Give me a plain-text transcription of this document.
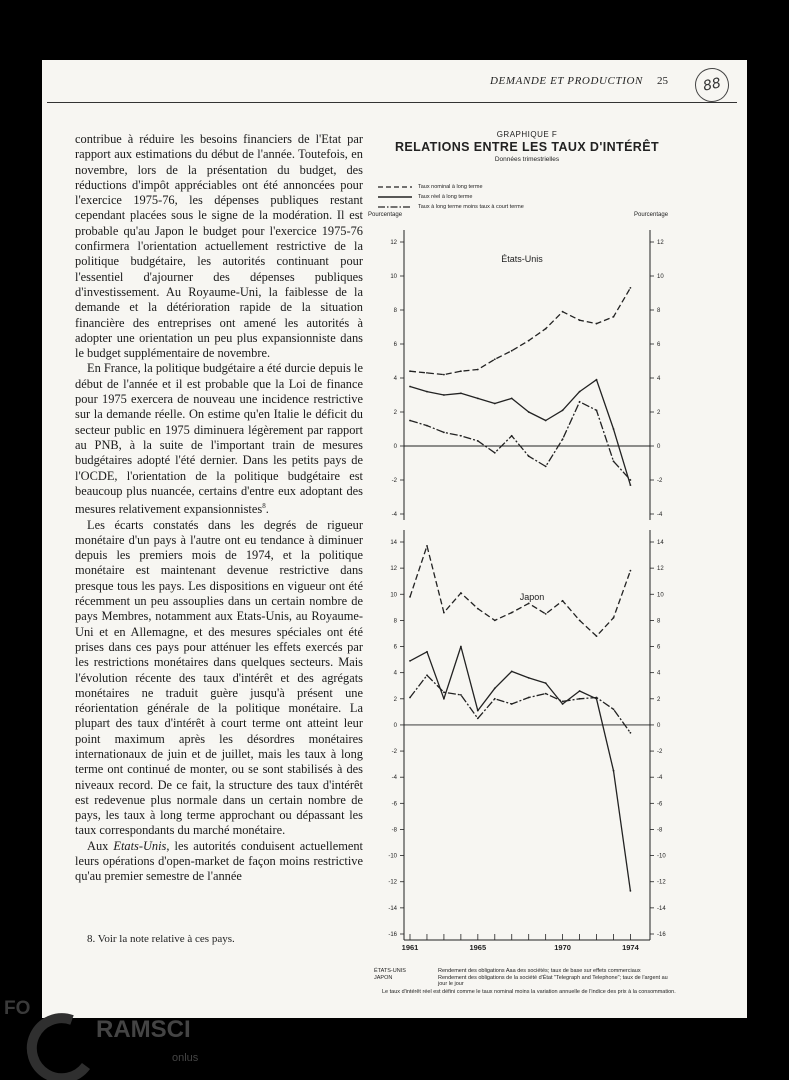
DEMANDE ET PRODUCTION 25	88

contribue à réduire les besoins financiers de l'Etat par rapport aux estimations du début de l'année. Toutefois, en novembre, lors de la présentation du budget, des réductions d'impôt appréciables ont été annoncées pour l'exercice 1975-76, les dépenses publiques restant cependant placées sous le signe de la modération. Il est probable qu'au Japon le budget pour l'exercice 1975-76 confirmera l'orientation actuellement restrictive de la politique budgétaire, les autorités continuant pour l'essentiel d'ajourner des dépenses publiques d'investissement. Au Royaume-Uni, la faiblesse de la demande et la détérioration rapide de la situation financière des entreprises ont amené les autorités à adopter une orientation un peu plus expansionniste dans le budget supplémentaire de novembre.

En France, la politique budgétaire a été durcie depuis le début de l'année et il est probable que la Loi de finance pour 1975 exercera de nouveau une incidence restrictive sur la demande réelle. On estime qu'en Italie le déficit du secteur public en 1975 diminuera légèrement par rapport au PNB, à la suite de l'important train de mesures budgétaires adopté l'été dernier. Dans les petits pays de l'OCDE, l'orientation de la politique budgétaire est beaucoup plus nuancée, certains d'entre eux adoptant des mesures relativement expansionnistes$^8$.

Les écarts constatés dans les degrés de rigueur monétaire d'un pays à l'autre ont eu tendance à diminuer depuis les premiers mois de 1974, et la politique monétaire est maintenant devenue restrictive dans presque tous les pays. Les dispositions en vigueur ont été récemment un peu assouplies dans un certain nombre de pays Membres, notamment aux Etats-Unis, au Royaume-Uni et en Allemagne, et des mesures spéciales ont été prises dans ces pays pour atténuer les effets exercés par les restrictions monétaires dans quelques secteurs. Mais l'évolution récente des taux d'intérêt et des agrégats monétaires ne traduit guère jusqu'à présent une réorientation générale de la politique monétaire. La plupart des taux d'intérêt à court terme ont atteint leur point maximum après les désordres monétaires internationaux de juin et de juillet, mais les taux à long terme ont continué de monter, ou se sont stabilisés à des niveaux record. De ce fait, la structure des taux d'intérêt est redevenue plus normale dans un certain nombre de pays, les taux à long terme approchant ou dépassant les taux correspondants du marché monétaire.

Aux Etats-Unis, les autorités conduisent actuellement leurs opérations d'open-market de façon moins restrictive qu'au premier semestre de l'année

8. Voir la note relative à ces pays.
GRAPHIQUE F
RELATIONS ENTRE LES TAUX D'INTÉRÊT
Données trimestrielles
Taux nominal à long terme
Taux réel à long terme
Taux à long terme moins taux à court terme
Pourcentage	Pourcentage
-4	-4
-2	-2
0	0
2	2
4	4
6	6
8	8
10	10
12	12
États-Unis
-16	-16
-14	-14
-12	-12
-10	-10
-8	-8
-6	-6
-4	-4
-2	-2
0	0
2	2
4	4
6	6
8	8
10	10
12	12
14	14
Japon
1961	1965	1970	1974
ÉTATS-UNIS	Rendement des obligations Aaa des sociétés; taux de base sur effets commerciaux
JAPON	Rendement des obligations de la société d'État "Telegraph and Telephone"; taux de l'argent au jour le jour
Le taux d'intérêt réel est défini comme le taux nominal moins la variation annuelle de l'indice des prix à la consommation.
FO
RAMSCI
onlus
